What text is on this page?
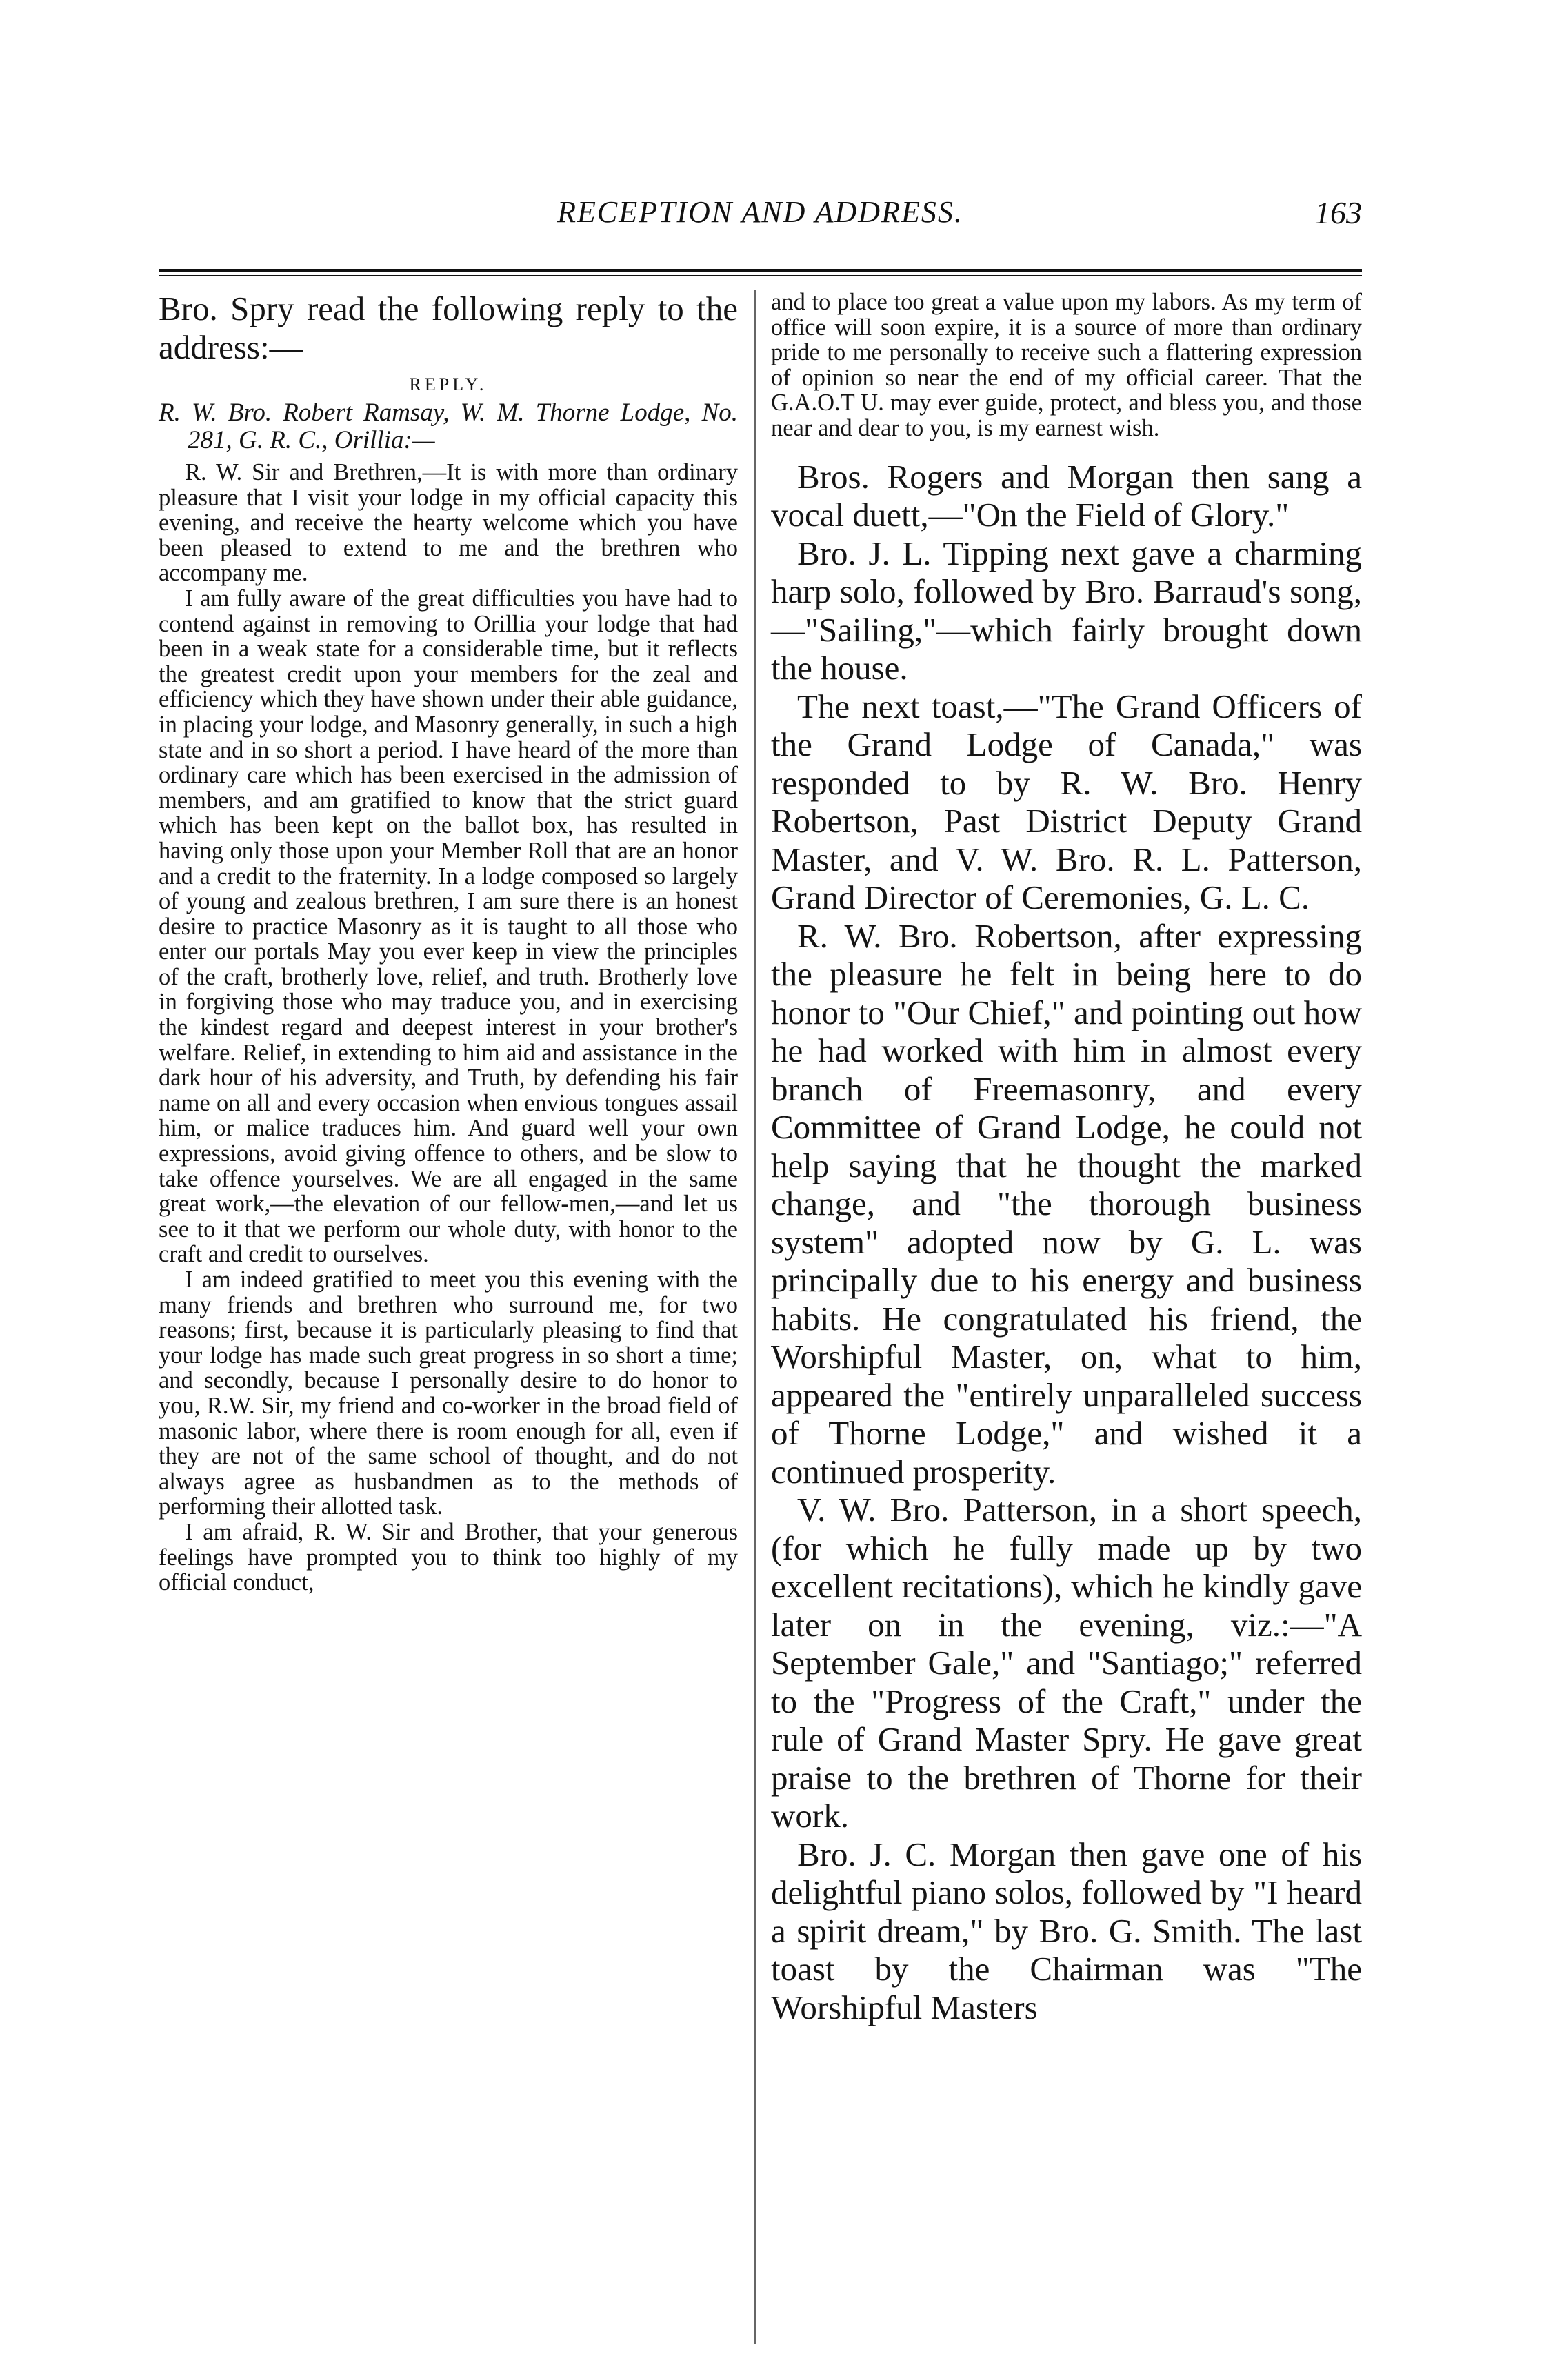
RECEPTION AND ADDRESS.	163

Bro. Spry read the following reply to the address:—

REPLY.

R. W. Bro. Robert Ramsay, W. M. Thorne Lodge, No. 281, G. R. C., Orillia:—

R. W. Sir and Brethren,—It is with more than ordinary pleasure that I visit your lodge in my official capacity this evening, and receive the hearty welcome which you have been pleased to extend to me and the brethren who accompany me.

I am fully aware of the great difficulties you have had to contend against in removing to Orillia your lodge that had been in a weak state for a considerable time, but it reflects the greatest credit upon your members for the zeal and efficiency which they have shown under their able guidance, in placing your lodge, and Masonry generally, in such a high state and in so short a period. I have heard of the more than ordinary care which has been exercised in the admission of members, and am gratified to know that the strict guard which has been kept on the ballot box, has resulted in having only those upon your Member Roll that are an honor and a credit to the fraternity. In a lodge composed so largely of young and zealous brethren, I am sure there is an honest desire to practice Masonry as it is taught to all those who enter our portals May you ever keep in view the principles of the craft, brotherly love, relief, and truth. Brotherly love in forgiving those who may traduce you, and in exercising the kindest regard and deepest interest in your brother's welfare. Relief, in extending to him aid and assistance in the dark hour of his adversity, and Truth, by defending his fair name on all and every occasion when envious tongues assail him, or malice traduces him. And guard well your own expressions, avoid giving offence to others, and be slow to take offence yourselves. We are all engaged in the same great work,—the elevation of our fellow-men,—and let us see to it that we perform our whole duty, with honor to the craft and credit to ourselves.

I am indeed gratified to meet you this evening with the many friends and brethren who surround me, for two reasons; first, because it is particularly pleasing to find that your lodge has made such great progress in so short a time; and secondly, because I personally desire to do honor to you, R.W. Sir, my friend and co-worker in the broad field of masonic labor, where there is room enough for all, even if they are not of the same school of thought, and do not always agree as husbandmen as to the methods of performing their allotted task.

I am afraid, R. W. Sir and Brother, that your generous feelings have prompted you to think too highly of my official conduct,

and to place too great a value upon my labors. As my term of office will soon expire, it is a source of more than ordinary pride to me personally to receive such a flattering expression of opinion so near the end of my official career. That the G.A.O.T U. may ever guide, protect, and bless you, and those near and dear to you, is my earnest wish.

Bros. Rogers and Morgan then sang a vocal duett,—"On the Field of Glory."

Bro. J. L. Tipping next gave a charming harp solo, followed by Bro. Barraud's song,—"Sailing,"—which fairly brought down the house.

The next toast,—"The Grand Officers of the Grand Lodge of Canada," was responded to by R. W. Bro. Henry Robertson, Past District Deputy Grand Master, and V. W. Bro. R. L. Patterson, Grand Director of Ceremonies, G. L. C.

R. W. Bro. Robertson, after expressing the pleasure he felt in being here to do honor to "Our Chief," and pointing out how he had worked with him in almost every branch of Freemasonry, and every Committee of Grand Lodge, he could not help saying that he thought the marked change, and "the thorough business system" adopted now by G. L. was principally due to his energy and business habits. He congratulated his friend, the Worshipful Master, on, what to him, appeared the "entirely unparalleled success of Thorne Lodge," and wished it a continued prosperity.

V. W. Bro. Patterson, in a short speech, (for which he fully made up by two excellent recitations), which he kindly gave later on in the evening, viz.:—"A September Gale," and "Santiago;" referred to the "Progress of the Craft," under the rule of Grand Master Spry. He gave great praise to the brethren of Thorne for their work.

Bro. J. C. Morgan then gave one of his delightful piano solos, followed by "I heard a spirit dream," by Bro. G. Smith. The last toast by the Chairman was "The Worshipful Masters
